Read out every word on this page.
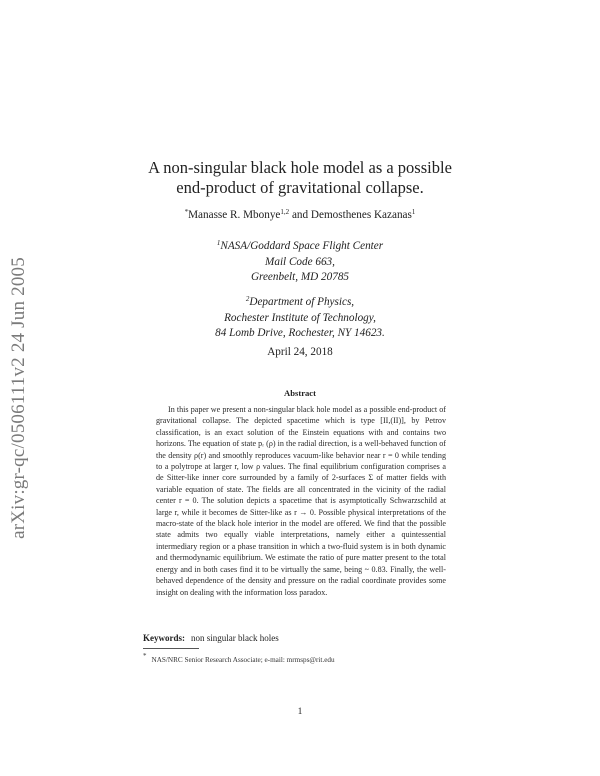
arXiv:gr-qc/0506111v2 24 Jun 2005
A non-singular black hole model as a possible
end-product of gravitational collapse.
*Manasse R. Mbonye$^{1,2}$ and Demosthenes Kazanas$^1$
$^1$NASA/Goddard Space Flight Center
Mail Code 663,
Greenbelt, MD 20785
$^2$Department of Physics,
Rochester Institute of Technology,
84 Lomb Drive, Rochester, NY 14623.
April 24, 2018
Abstract

In this paper we present a non-singular black hole model as a possible end-product of gravitational collapse. The depicted spacetime which is type [II,(II)], by Petrov classification, is an exact solution of the Einstein equations with and contains two horizons. The equation of state pᵣ (ρ) in the radial direction, is a well-behaved function of the density ρ(r) and smoothly reproduces vacuum-like behavior near r = 0 while tending to a polytrope at larger r, low ρ values. The final equilibrium configuration comprises a de Sitter-like inner core surrounded by a family of 2-surfaces Σ of matter fields with variable equation of state. The fields are all concentrated in the vicinity of the radial center r = 0. The solution depicts a spacetime that is asymptotically Schwarzschild at large r, while it becomes de Sitter-like as r → 0. Possible physical interpretations of the macro-state of the black hole interior in the model are offered. We find that the possible state admits two equally viable interpretations, namely either a quintessential intermediary region or a phase transition in which a two-fluid system is in both dynamic and thermodynamic equilibrium. We estimate the ratio of pure matter present to the total energy and in both cases find it to be virtually the same, being ~ 0.83. Finally, the well-behaved dependence of the density and pressure on the radial coordinate provides some insight on dealing with the information loss paradox.

Keywords: non singular black holes
* NAS/NRC Senior Research Associate; e-mail: mrmsps@rit.edu
1
